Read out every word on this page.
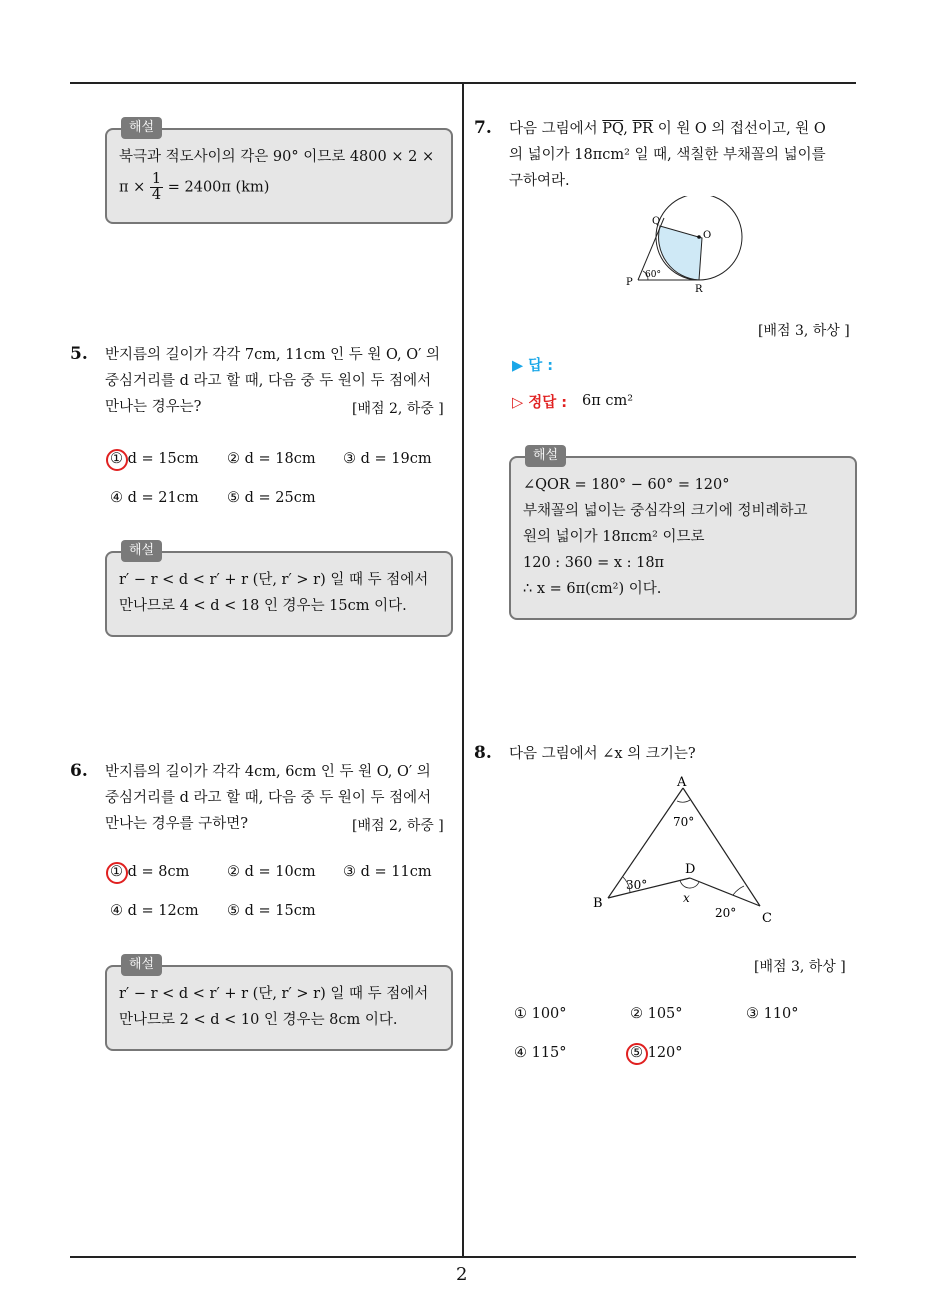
2
해설
북극과 적도사이의 각은 90° 이므로 4800 × 2 ×
$\pi \times \frac{1}{4} = 2400\pi$ (km)
5. 반지름의 길이가 각각 7cm, 11cm 인 두 원 O, O′ 의
중심거리를 d 라고 할 때, 다음 중 두 원이 두 점에서
만나는 경우는?	[배점 2, 하중 ]
① d = 15cm ② d = 18cm ③ d = 19cm
④ d = 21cm ⑤ d = 25cm
해설
r′ − r < d < r′ + r (단, r′ > r) 일 때 두 점에서
만나므로 4 < d < 18 인 경우는 15cm 이다.
6. 반지름의 길이가 각각 4cm, 6cm 인 두 원 O, O′ 의
중심거리를 d 라고 할 때, 다음 중 두 원이 두 점에서
만나는 경우를 구하면?	[배점 2, 하중 ]
① d = 8cm	② d = 10cm ③ d = 11cm
④ d = 12cm ⑤ d = 15cm
해설
r′ − r < d < r′ + r (단, r′ > r) 일 때 두 점에서
만나므로 2 < d < 10 인 경우는 8cm 이다.
7. 다음 그림에서 $\overline{PQ}$, $\overline{PR}$ 이 원 O 의 접선이고, 원 O
의 넓이가 18πcm² 일 때, 색칠한 부채꼴의 넓이를
구하여라.
Q
O
P
R
60°
[배점 3, 하상 ]
▶ 답 :
▷ 정답 : 6π cm²
해설
∠QOR = 180° − 60° = 120°
부채꼴의 넓이는 중심각의 크기에 정비례하고
원의 넓이가 18πcm² 이므로
120 : 360 = x : 18π
∴ x = 6π(cm²) 이다.
8. 다음 그림에서 ∠x 의 크기는?
A
B
C
D
x
70°
30°
20°
[배점 3, 하상 ]
① 100°	② 105°	③ 110°
④ 115°	⑤ 120°
